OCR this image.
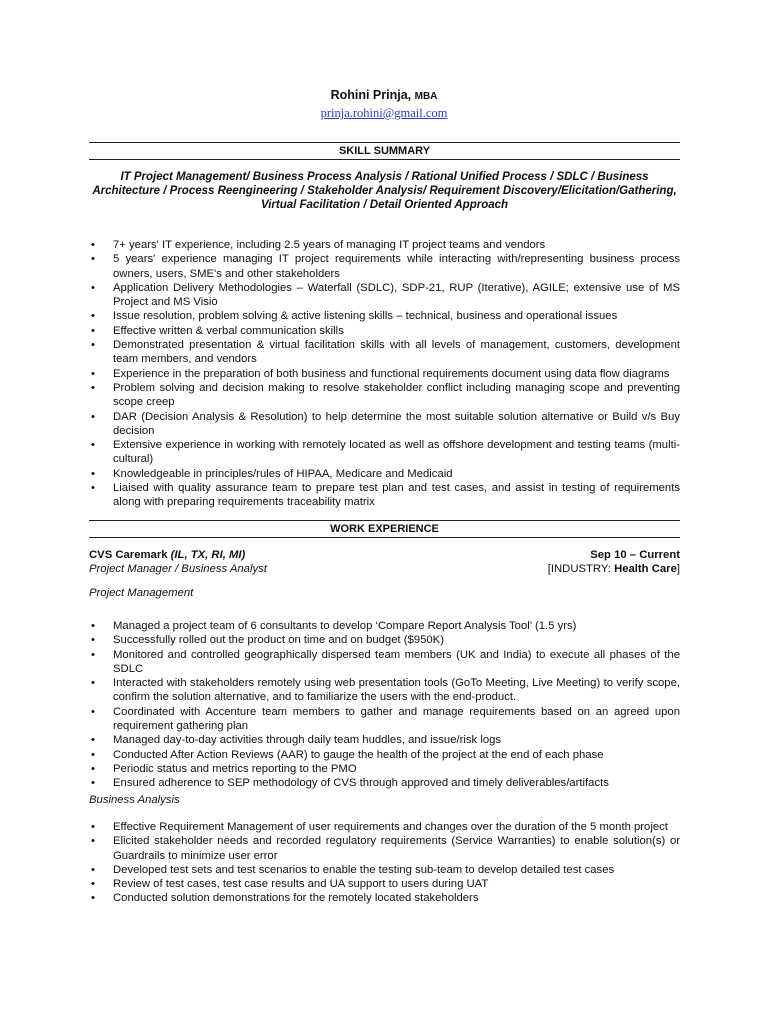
Rohini Prinja, MBA
prinja.rohini@gmail.com
SKILL SUMMARY
IT Project Management/ Business Process Analysis / Rational Unified Process / SDLC / Business Architecture / Process Reengineering / Stakeholder Analysis/ Requirement Discovery/Elicitation/Gathering, Virtual Facilitation / Detail Oriented Approach
• 7+ years' IT experience, including 2.5 years of managing IT project teams and vendors
• 5 years' experience managing IT project requirements while interacting with/representing business process owners, users, SME's and other stakeholders
• Application Delivery Methodologies – Waterfall (SDLC), SDP-21, RUP (Iterative), AGILE; extensive use of MS Project and MS Visio
• Issue resolution, problem solving & active listening skills – technical, business and operational issues
• Effective written & verbal communication skills
• Demonstrated presentation & virtual facilitation skills with all levels of management, customers, development team members, and vendors
• Experience in the preparation of both business and functional requirements document using data flow diagrams
• Problem solving and decision making to resolve stakeholder conflict including managing scope and preventing scope creep
• DAR (Decision Analysis & Resolution) to help determine the most suitable solution alternative or Build v/s Buy decision
• Extensive experience in working with remotely located as well as offshore development and testing teams (multi-cultural)
• Knowledgeable in principles/rules of HIPAA, Medicare and Medicaid
• Liaised with quality assurance team to prepare test plan and test cases, and assist in testing of requirements along with preparing requirements traceability matrix
WORK EXPERIENCE
CVS Caremark (IL, TX, RI, MI)	Sep 10 – Current
Project Manager / Business Analyst	[INDUSTRY: Health Care]
Project Management
• Managed a project team of 6 consultants to develop ‘Compare Report Analysis Tool’ (1.5 yrs)
• Successfully rolled out the product on time and on budget ($950K)
• Monitored and controlled geographically dispersed team members (UK and India) to execute all phases of the SDLC
• Interacted with stakeholders remotely using web presentation tools (GoTo Meeting, Live Meeting) to verify scope, confirm the solution alternative, and to familiarize the users with the end-product.
• Coordinated with Accenture team members to gather and manage requirements based on an agreed upon requirement gathering plan
• Managed day-to-day activities through daily team huddles, and issue/risk logs
• Conducted After Action Reviews (AAR) to gauge the health of the project at the end of each phase
• Periodic status and metrics reporting to the PMO
• Ensured adherence to SEP methodology of CVS through approved and timely deliverables/artifacts
Business Analysis
• Effective Requirement Management of user requirements and changes over the duration of the 5 month project
• Elicited stakeholder needs and recorded regulatory requirements (Service Warranties) to enable solution(s) or Guardrails to minimize user error
• Developed test sets and test scenarios to enable the testing sub-team to develop detailed test cases
• Review of test cases, test case results and UA support to users during UAT
• Conducted solution demonstrations for the remotely located stakeholders
